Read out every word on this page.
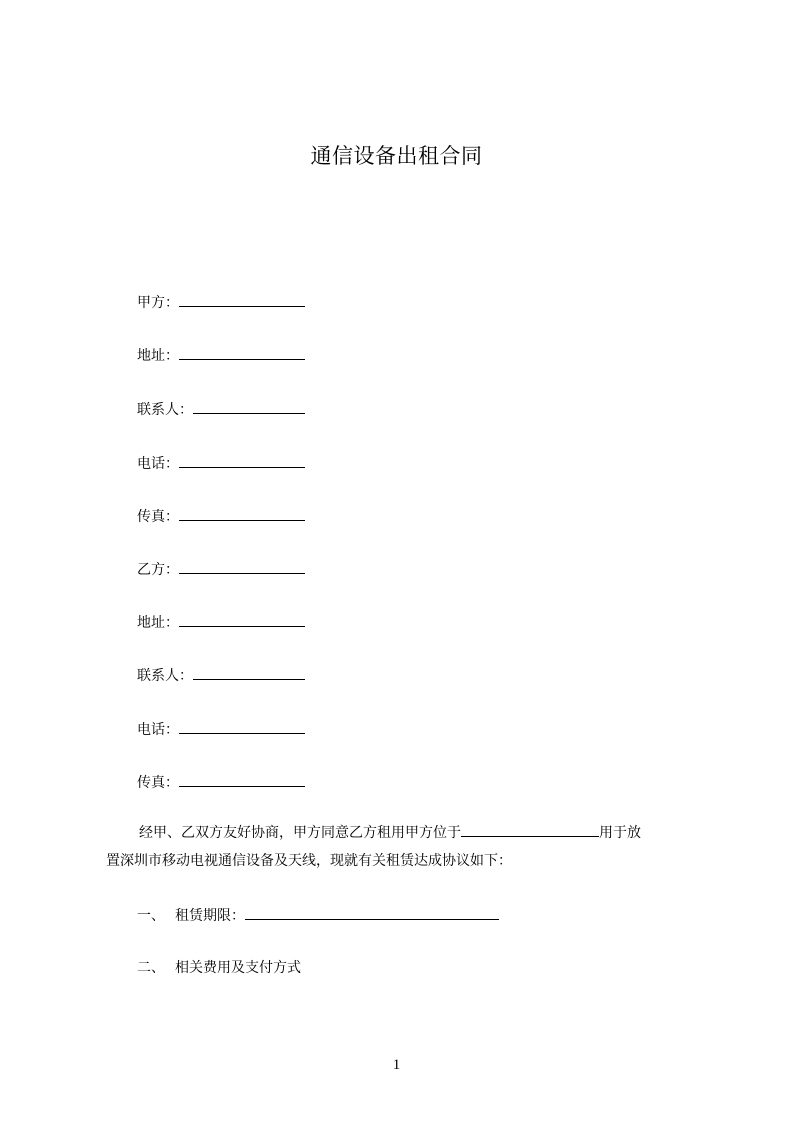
通信设备出租合同
甲方：
地址：
联系人：
电话：
传真：
乙方：
地址：
联系人：
电话：
传真：
经甲、乙双方友好协商，甲方同意乙方租用甲方位于	用于放
置深圳市移动电视通信设备及天线，现就有关租赁达成协议如下：
一、 租赁期限：
二、 相关费用及支付方式
1
